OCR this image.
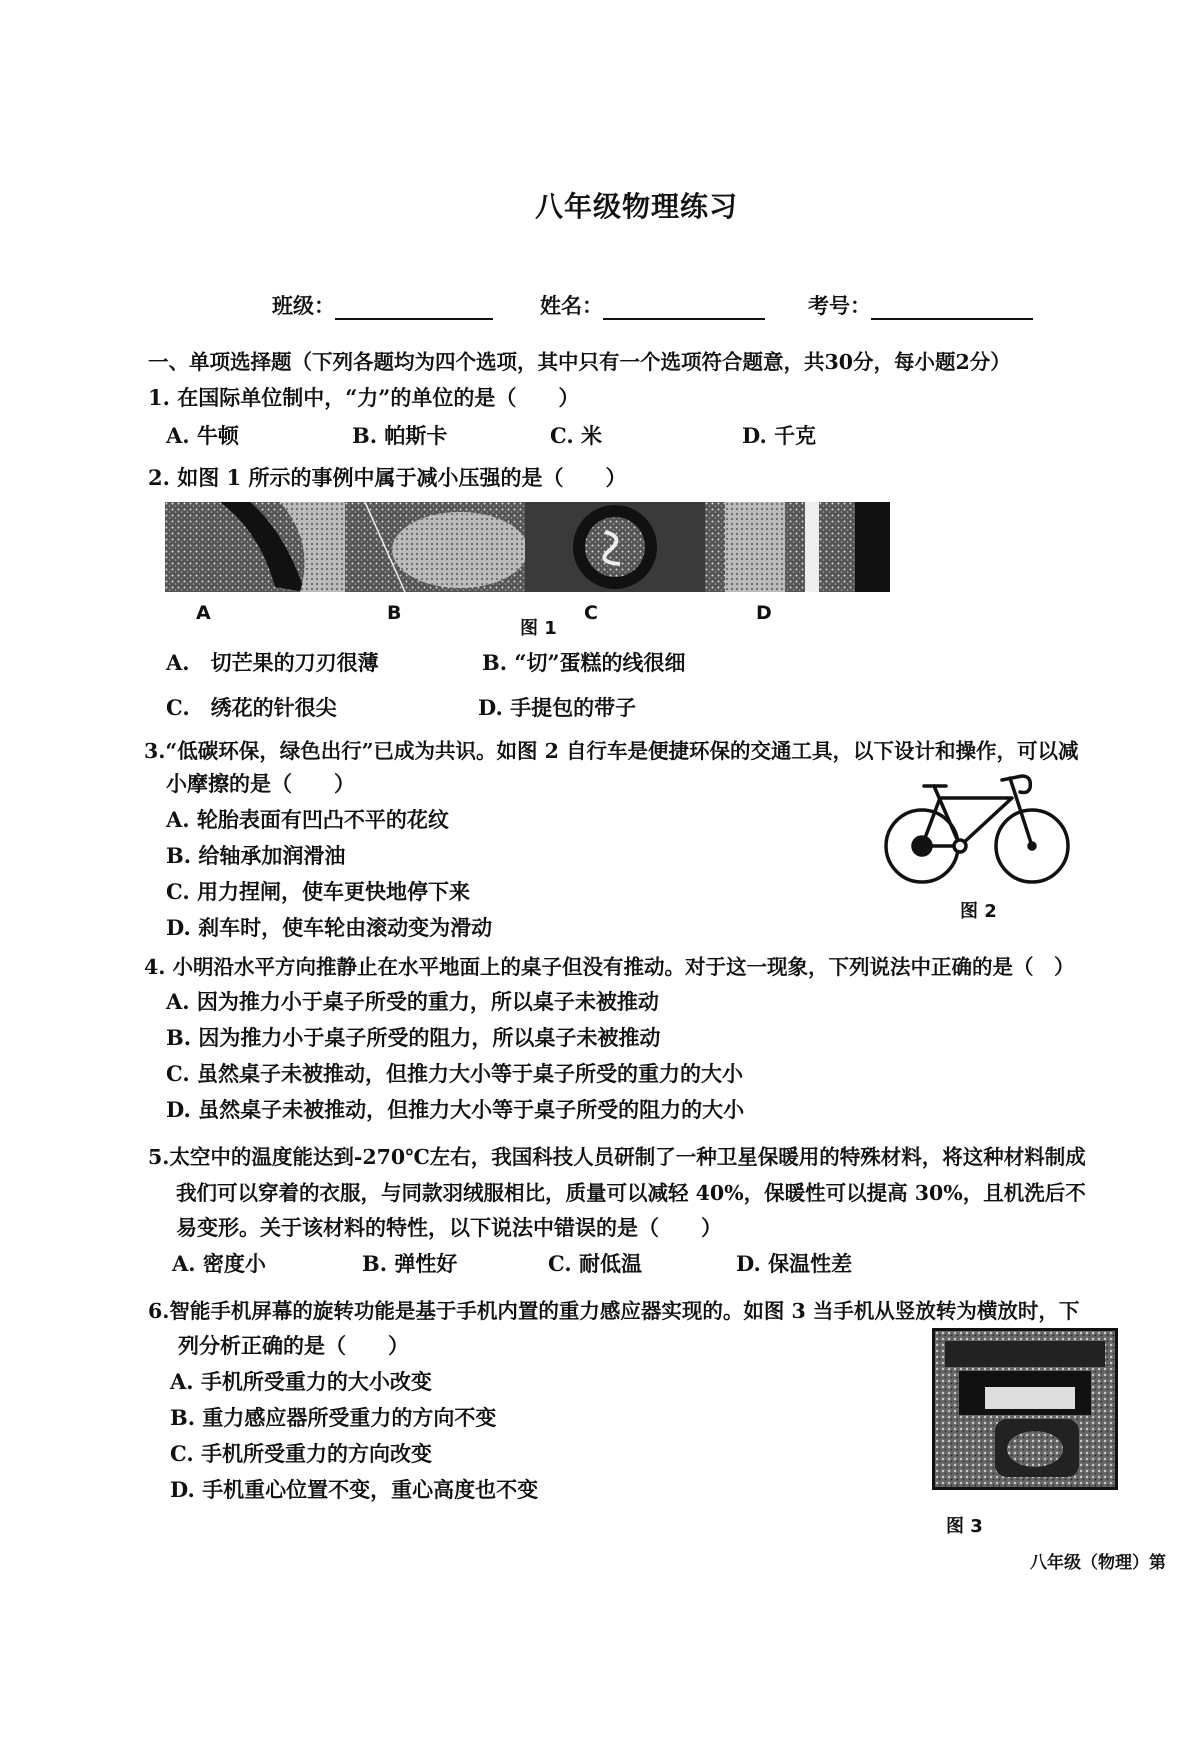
八年级物理练习
班级：	姓名：	考号：
一、单项选择题（下列各题均为四个选项，其中只有一个选项符合题意，共30分，每小题2分）
1. 在国际单位制中，“力”的单位的是（　　）
A. 牛顿	B. 帕斯卡	C. 米	D. 千克
2. 如图 1 所示的事例中属于减小压强的是（　　）
A	B	C	D
图 1
A.　切芒果的刀刃很薄	B. “切”蛋糕的线很细
C.　绣花的针很尖	D. 手提包的带子
3.“低碳环保，绿色出行”已成为共识。如图 2 自行车是便捷环保的交通工具，以下设计和操作，可以减
小摩擦的是（　　）
A. 轮胎表面有凹凸不平的花纹
B. 给轴承加润滑油
C. 用力捏闸，使车更快地停下来
D. 刹车时，使车轮由滚动变为滑动
图 2
4. 小明沿水平方向推静止在水平地面上的桌子但没有推动。对于这一现象，下列说法中正确的是（　）
A. 因为推力小于桌子所受的重力，所以桌子未被推动
B. 因为推力小于桌子所受的阻力，所以桌子未被推动
C. 虽然桌子未被推动，但推力大小等于桌子所受的重力的大小
D. 虽然桌子未被推动，但推力大小等于桌子所受的阻力的大小
5.太空中的温度能达到-270℃左右，我国科技人员研制了一种卫星保暖用的特殊材料，将这种材料制成
我们可以穿着的衣服，与同款羽绒服相比，质量可以减轻 40%，保暖性可以提高 30%，且机洗后不
易变形。关于该材料的特性，以下说法中错误的是（　　）
A. 密度小	B. 弹性好	C. 耐低温	D. 保温性差
6.智能手机屏幕的旋转功能是基于手机内置的重力感应器实现的。如图 3 当手机从竖放转为横放时，下
列分析正确的是（　　）
A. 手机所受重力的大小改变
B. 重力感应器所受重力的方向不变
C. 手机所受重力的方向改变
D. 手机重心位置不变，重心高度也不变
图 3
八年级（物理）第
